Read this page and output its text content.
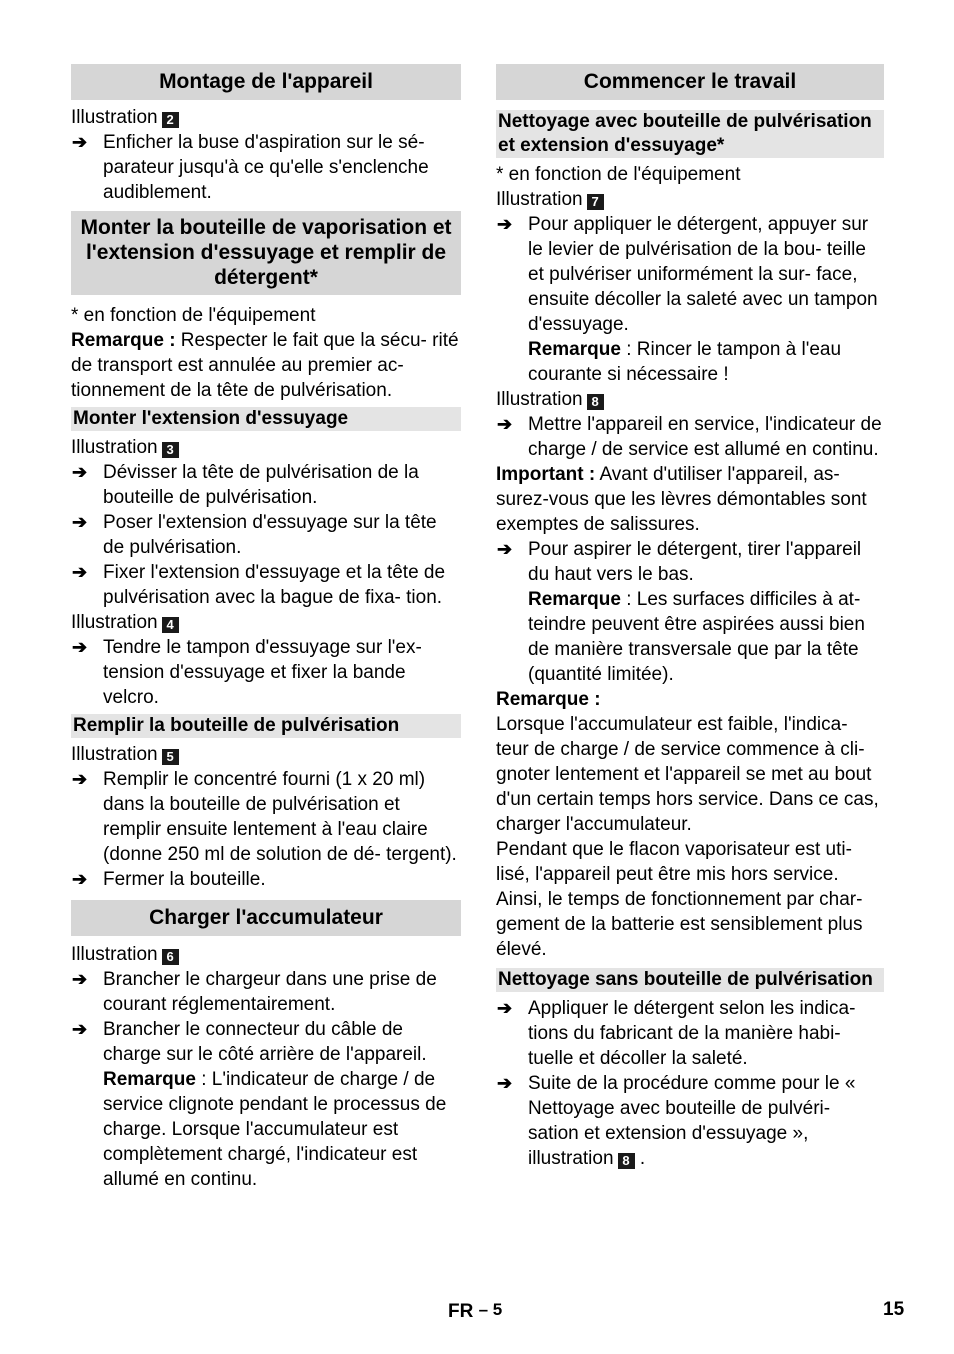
Montage de l'appareil

Illustration 2

➔ Enficher la buse d'aspiration sur le sé- parateur jusqu'à ce qu'elle s'enclenche audiblement.

Monter la bouteille de vaporisation et l'extension d'essuyage et remplir de détergent*

* en fonction de l'équipement

Remarque : Respecter le fait que la sécu- rité de transport est annulée au premier ac- tionnement de la tête de pulvérisation.

Monter l'extension d'essuyage

Illustration 3

➔ Dévisser la tête de pulvérisation de la bouteille de pulvérisation.

➔ Poser l'extension d'essuyage sur la tête de pulvérisation.

➔ Fixer l'extension d'essuyage et la tête de pulvérisation avec la bague de fixa- tion.

Illustration 4

➔ Tendre le tampon d'essuyage sur l'ex- tension d'essuyage et fixer la bande velcro.

Remplir la bouteille de pulvérisation

Illustration 5

➔ Remplir le concentré fourni (1 x 20 ml) dans la bouteille de pulvérisation et remplir ensuite lentement à l'eau claire (donne 250 ml de solution de dé- tergent).

➔ Fermer la bouteille.

Charger l'accumulateur

Illustration 6

➔ Brancher le chargeur dans une prise de courant réglementairement.

➔ Brancher le connecteur du câble de charge sur le côté arrière de l'appareil.

Remarque : L'indicateur de charge / de service clignote pendant le processus de charge. Lorsque l'accumulateur est complètement chargé, l'indicateur est allumé en continu.

Commencer le travail
Nettoyage avec bouteille de pulvérisation et extension d'essuyage*

* en fonction de l'équipement

Illustration 7

➔ Pour appliquer le détergent, appuyer sur le levier de pulvérisation de la bou- teille et pulvériser uniformément la sur- face, ensuite décoller la saleté avec un tampon d'essuyage.

Remarque : Rincer le tampon à l'eau courante si nécessaire !

Illustration 8

➔ Mettre l'appareil en service, l'indicateur de charge / de service est allumé en continu.

Important : Avant d'utiliser l'appareil, as- surez-vous que les lèvres démontables sont exemptes de salissures.

➔ Pour aspirer le détergent, tirer l'appareil du haut vers le bas.

Remarque : Les surfaces difficiles à at- teindre peuvent être aspirées aussi bien de manière transversale que par la tête (quantité limitée).

Remarque :

Lorsque l'accumulateur est faible, l'indica- teur de charge / de service commence à cli- gnoter lentement et l'appareil se met au bout d'un certain temps hors service. Dans ce cas, charger l'accumulateur.

Pendant que le flacon vaporisateur est uti- lisé, l'appareil peut être mis hors service. Ainsi, le temps de fonctionnement par char- gement de la batterie est sensiblement plus élevé.

Nettoyage sans bouteille de pulvérisation

➔ Appliquer le détergent selon les indica- tions du fabricant de la manière habi- tuelle et décoller la saleté.

➔ Suite de la procédure comme pour le « Nettoyage avec bouteille de pulvéri- sation et extension d'essuyage », illustration 8 .

FR – 5	15
